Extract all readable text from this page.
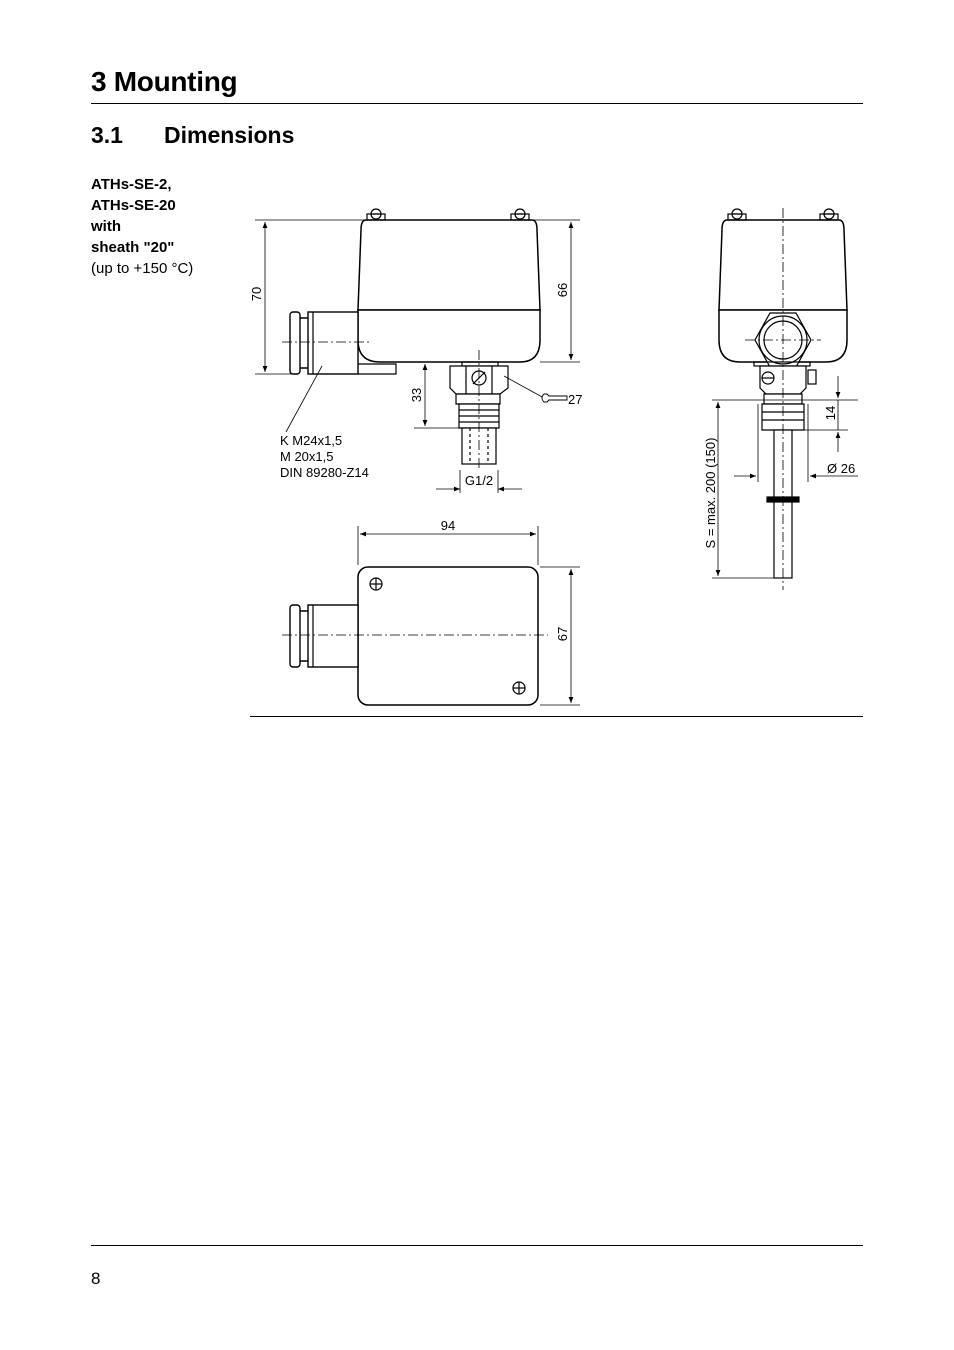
3 Mounting
3.1 Dimensions
ATHs-SE-2,
ATHs-SE-20
with
sheath "20"
(up to +150 °C)
70	66
33	27
K M24x1,5
M 20x1,5
DIN 89280-Z14
G1/2
94
67
S = max. 200 (150)
14
Ø 26
8
